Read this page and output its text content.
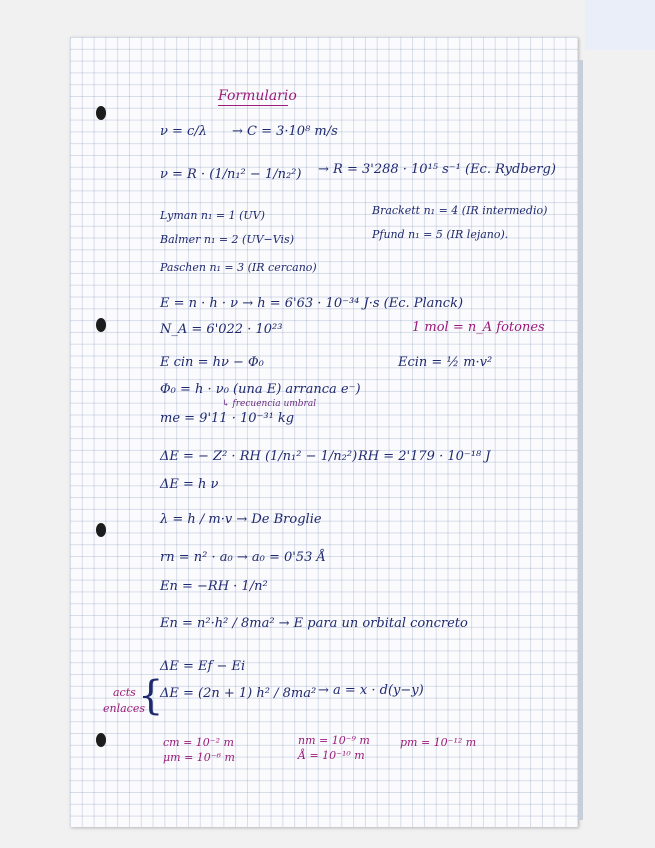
Formulario
ν = c/λ → C = 3·10⁸ m/s
ν = R · (1/n₁² − 1/n₂²) → R = 3'288 · 10¹⁵ s⁻¹ (Ec. Rydberg)
Lyman n₁ = 1 (UV)	Brackett n₁ = 4 (IR intermedio)
Balmer n₁ = 2 (UV−Vis)	Pfund n₁ = 5 (IR lejano).
Paschen n₁ = 3 (IR cercano)
E = n · h · ν → h = 6'63 · 10⁻³⁴ J·s (Ec. Planck)
N_A = 6'022 · 10²³	1 mol = n_A fotones
E cin = hν − Φ₀	Ecin = ½ m·v²
Φ₀ = h · ν₀ (una E) arranca e⁻)
↳ frecuencia umbral
me = 9'11 · 10⁻³¹ kg
ΔE = − Z² · RH (1/n₁² − 1/n₂²) RH = 2'179 · 10⁻¹⁸ J
ΔE = h ν
λ = h / m·v → De Broglie
rn = n² · a₀ → a₀ = 0'53 Å
En = −RH · 1/n²
En = n²·h² / 8ma² → E para un orbital concreto
ΔE = Ef − Ei
acts
enlaces
{
ΔE = (2n + 1) h² / 8ma² → a = x · d(y−y)
cm = 10⁻² m
μm = 10⁻⁶ m
nm = 10⁻⁹ m
Å = 10⁻¹⁰ m
pm = 10⁻¹² m
